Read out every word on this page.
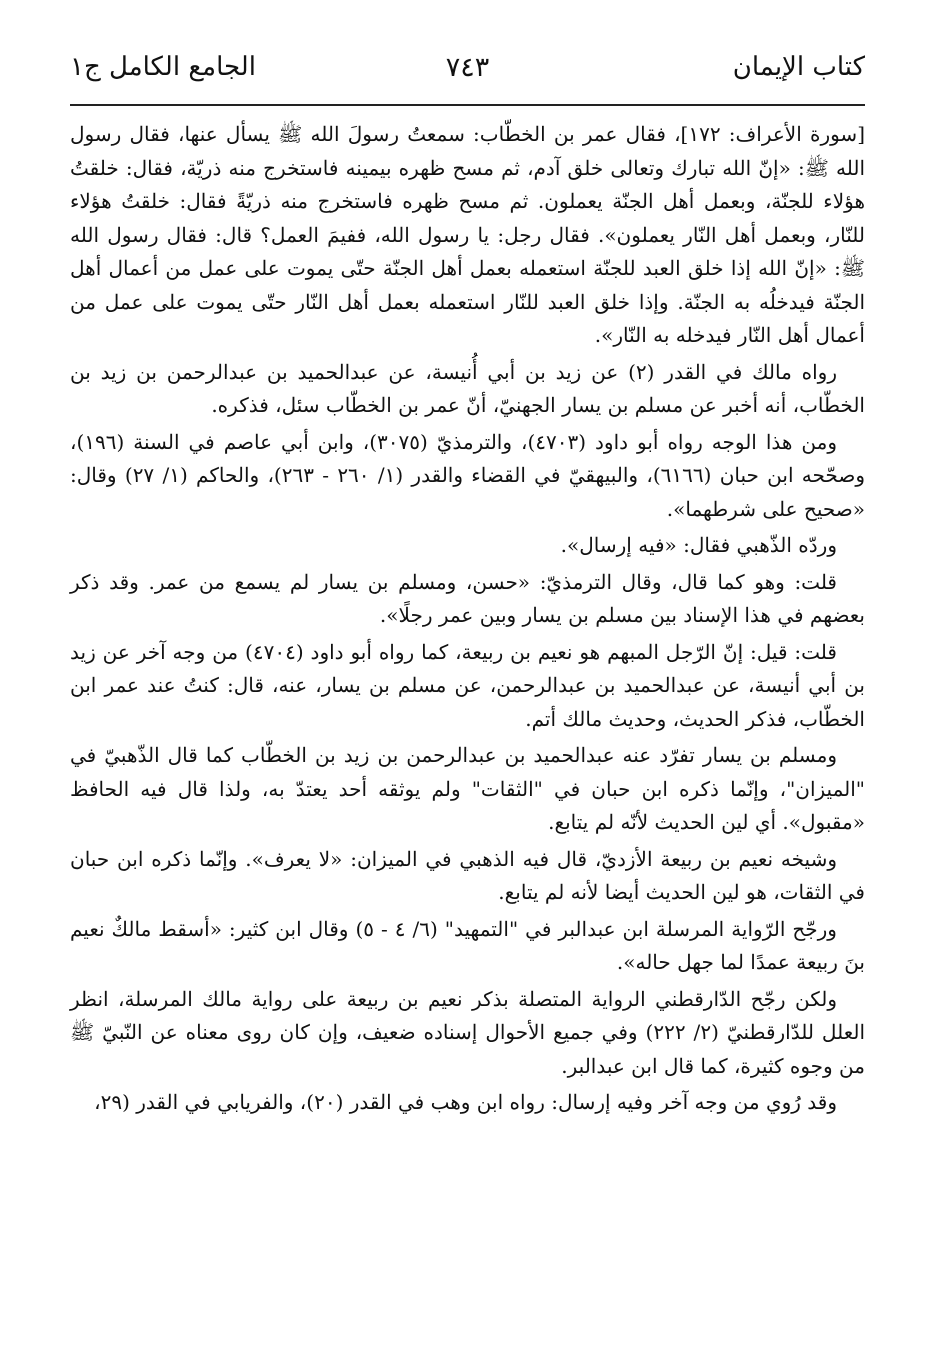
كتاب الإيمان
٧٤٣
الجامع الكامل ج١

[سورة الأعراف: ١٧٢]، فقال عمر بن الخطّاب: سمعتُ رسولَ الله ﷺ يسأل عنها، فقال رسول الله ﷺ: «إنّ الله تبارك وتعالى خلق آدم، ثم مسح ظهره بيمينه فاستخرج منه ذريّة، فقال: خلقتُ هؤلاء للجنّة، وبعمل أهل الجنّة يعملون. ثم مسح ظهره فاستخرج منه ذريّةً فقال: خلقتُ هؤلاء للنّار، وبعمل أهل النّار يعملون». فقال رجل: يا رسول الله، ففيمَ العمل؟ قال: فقال رسول الله ﷺ: «إنّ الله إذا خلق العبد للجنّة استعمله بعمل أهل الجنّة حتّى يموت على عمل من أعمال أهل الجنّة فيدخلُه به الجنّة. وإذا خلق العبد للنّار استعمله بعمل أهل النّار حتّى يموت على عمل من أعمال أهل النّار فيدخله به النّار».

رواه مالك في القدر (٢) عن زيد بن أبي أُنيسة، عن عبدالحميد بن عبدالرحمن بن زيد بن الخطّاب، أنه أخبر عن مسلم بن يسار الجهنيّ، أنّ عمر بن الخطّاب سئل، فذكره.

ومن هذا الوجه رواه أبو داود (٤٧٠٣)، والترمذيّ (٣٠٧٥)، وابن أبي عاصم في السنة (١٩٦)، وصحّحه ابن حبان (٦١٦٦)، والبيهقيّ في القضاء والقدر (١/ ٢٦٠ - ٢٦٣)، والحاكم (١/ ٢٧) وقال: «صحيح على شرطهما».

وردّه الذّهبي فقال: «فيه إرسال».

قلت: وهو كما قال، وقال الترمذيّ: «حسن، ومسلم بن يسار لم يسمع من عمر. وقد ذكر بعضهم في هذا الإسناد بين مسلم بن يسار وبين عمر رجلًا».

قلت: قيل: إنّ الرّجل المبهم هو نعيم بن ربيعة، كما رواه أبو داود (٤٧٠٤) من وجه آخر عن زيد بن أبي أنيسة، عن عبدالحميد بن عبدالرحمن، عن مسلم بن يسار، عنه، قال: كنتُ عند عمر ابن الخطّاب، فذكر الحديث، وحديث مالك أتم.

ومسلم بن يسار تفرّد عنه عبدالحميد بن عبدالرحمن بن زيد بن الخطّاب كما قال الذّهبيّ في "الميزان"، وإنّما ذكره ابن حبان في "الثقات" ولم يوثقه أحد يعتدّ به، ولذا قال فيه الحافظ «مقبول». أي لين الحديث لأنّه لم يتابع.

وشيخه نعيم بن ربيعة الأزديّ، قال فيه الذهبي في الميزان: «لا يعرف». وإنّما ذكره ابن حبان في الثقات، هو لين الحديث أيضا لأنه لم يتابع.

ورجّح الرّواية المرسلة ابن عبدالبر في "التمهيد" (٦/ ٤ - ٥) وقال ابن كثير: «أسقط مالكٌ نعيم بنَ ربيعة عمدًا لما جهل حاله».

ولكن رجّح الدّارقطني الرواية المتصلة بذكر نعيم بن ربيعة على رواية مالك المرسلة، انظر العلل للدّارقطنيّ (٢/ ٢٢٢) وفي جميع الأحوال إسناده ضعيف، وإن كان روى معناه عن النّبيّ ﷺ من وجوه كثيرة، كما قال ابن عبدالبر.

وقد رُوي من وجه آخر وفيه إرسال: رواه ابن وهب في القدر (٢٠)، والفريابي في القدر (٢٩،
